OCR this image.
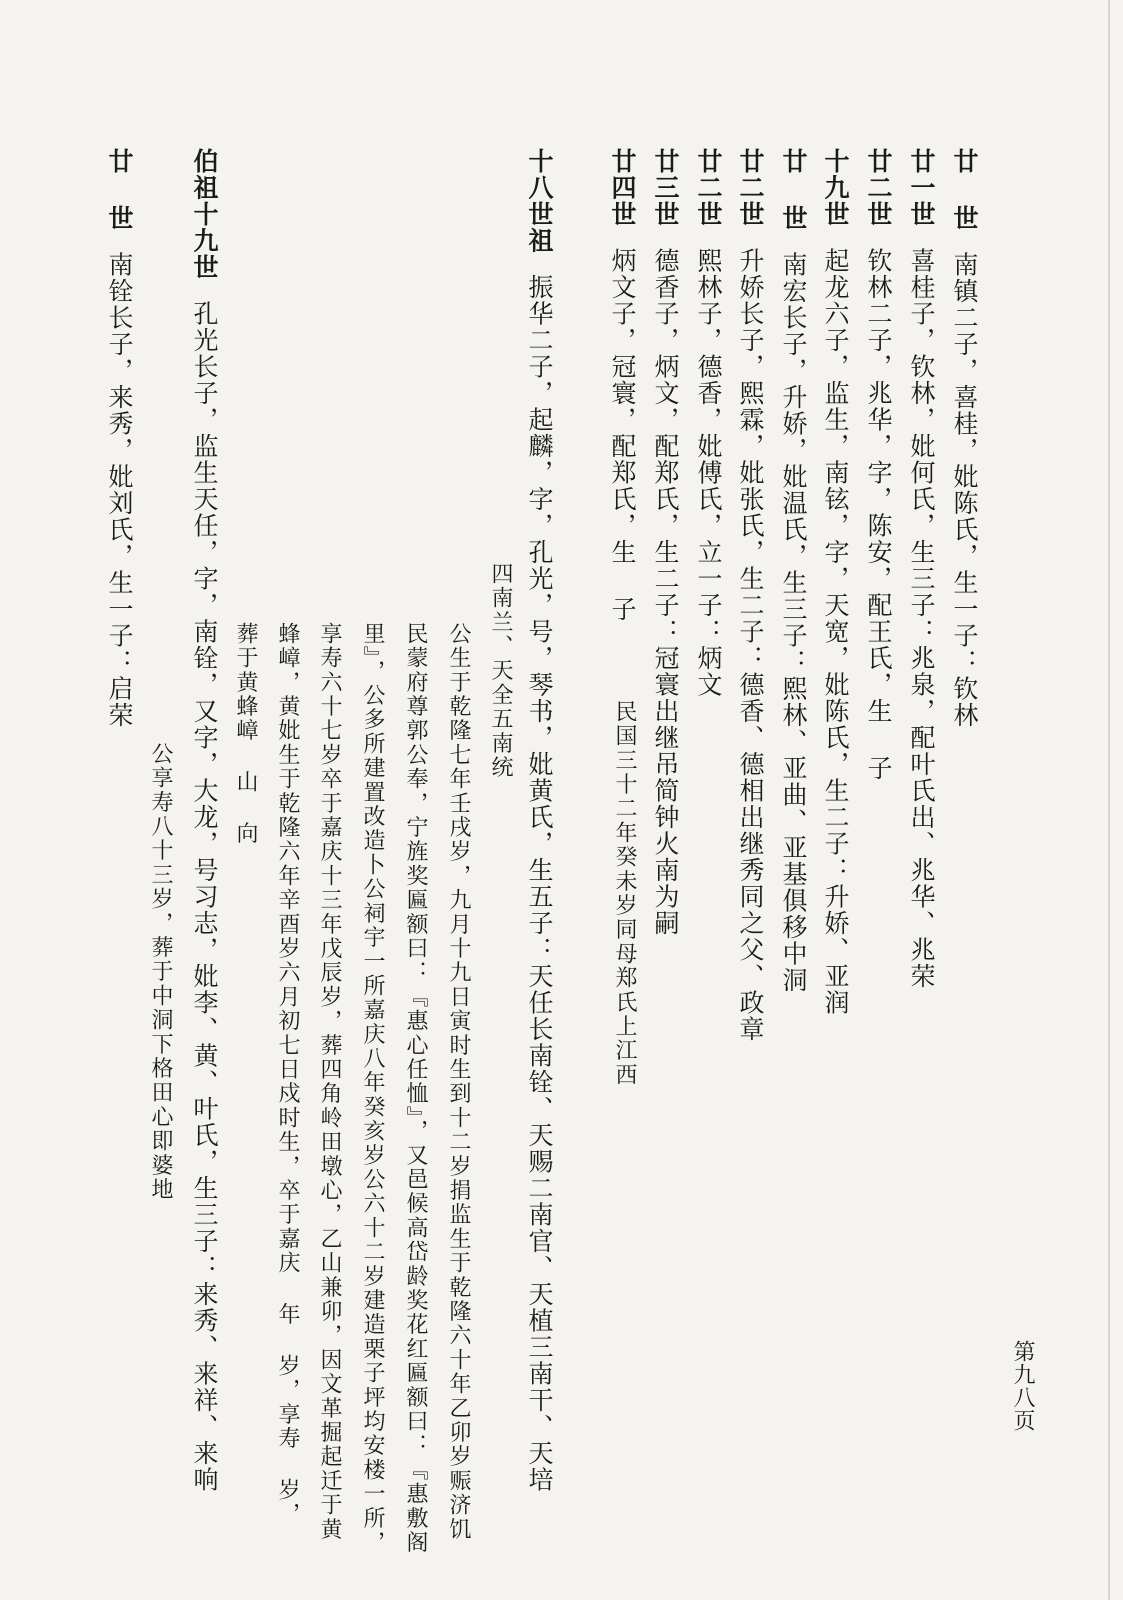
第九八页
廿 世南镇二子，喜桂，妣陈氏，生一子：钦林
廿一世喜桂子，钦林，妣何氏，生三子：兆泉，配叶氏出、兆华、兆荣
廿二世钦林二子，兆华，字，陈安，配王氏，生 子
十九世起龙六子，监生，南铉，字，天宽，妣陈氏，生二子：升娇、亚润
廿 世南宏长子，升娇，妣温氏，生三子：熙林、亚曲、亚基俱移中洞
廿二世升娇长子，熙霖，妣张氏，生二子：德香、德相出继秀同之父、政章
廿二世熙林子，德香，妣傅氏，立一子：炳文
廿三世德香子，炳文，配郑氏，生二子：冠寰出继吊简钟火南为嗣
廿四世炳文子，冠寰，配郑氏，生 子
民国三十二年癸未岁同母郑氏上江西
十八世祖振华二子，起麟，字，孔光，号，琴书，妣黄氏，生五子：天任长南铨、天赐二南官、天植三南干、天培
四南兰、天全五南统
公生于乾隆七年壬戌岁，九月十九日寅时生到十二岁捐监生于乾隆六十年乙卯岁赈济饥
民蒙府尊郭公奉，宁旌奖匾额曰：『惠心任恤』，又邑候高岱龄奖花红匾额曰：『惠敷阁
里』，公多所建置改造卜公祠宇一所嘉庆八年癸亥岁公六十二岁建造栗子坪均安楼一所，
享寿六十七岁卒于嘉庆十三年戊辰岁，葬四角岭田墩心，乙山兼卯，因文革掘起迁于黄
蜂嶂，黄妣生于乾隆六年辛酉岁六月初七日戍时生，卒于嘉庆 年 岁，享寿 岁，
葬于黄蜂嶂 山 向
伯祖十九世孔光长子，监生天任，字，南铨，又字，大龙，号习志，妣李、黄、叶氏，生三子：来秀、来祥、来响
公享寿八十三岁，葬于中洞下格田心即婆地
廿 世南铨长子，来秀，妣刘氏，生一子：启荣
